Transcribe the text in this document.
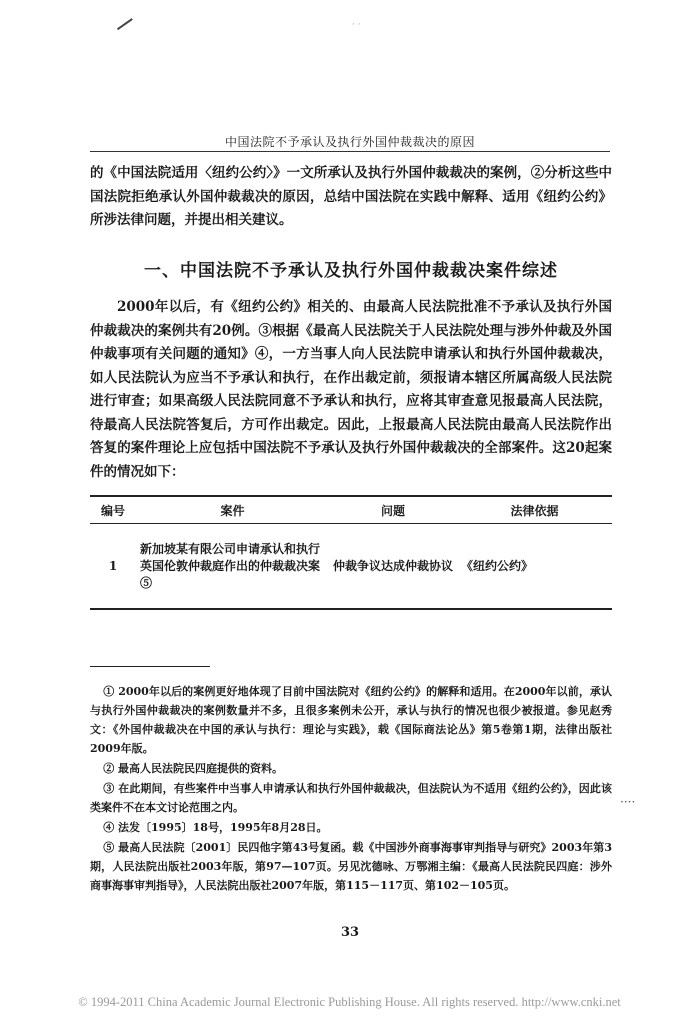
· ·
中国法院不予承认及执行外国仲裁裁决的原因
的《中国法院适用〈纽约公约〉》一文所承认及执行外国仲裁裁决的案例，②分析这些中国法院拒绝承认外国仲裁裁决的原因，总结中国法院在实践中解释、适用《纽约公约》所涉法律问题，并提出相关建议。
一、中国法院不予承认及执行外国仲裁裁决案件综述
2000年以后，有《纽约公约》相关的、由最高人民法院批准不予承认及执行外国仲裁裁决的案例共有20例。③根据《最高人民法院关于人民法院处理与涉外仲裁及外国仲裁事项有关问题的通知》④，一方当事人向人民法院申请承认和执行外国仲裁裁决，如人民法院认为应当不予承认和执行，在作出裁定前，须报请本辖区所属高级人民法院进行审查；如果高级人民法院同意不予承认和执行，应将其审查意见报最高人民法院，待最高人民法院答复后，方可作出裁定。因此，上报最高人民法院由最高人民法院作出答复的案件理论上应包括中国法院不予承认及执行外国仲裁裁决的全部案件。这20起案件的情况如下：
编号	案件	问题	法律依据
1	新加坡某有限公司申请承认和执行英国伦敦仲裁庭作出的仲裁裁决案⑤	仲裁争议达成仲裁协议	《纽约公约》

① 2000年以后的案例更好地体现了目前中国法院对《纽约公约》的解释和适用。在2000年以前，承认与执行外国仲裁裁决的案例数量并不多，且很多案例未公开，承认与执行的情况也很少被报道。参见赵秀文：《外国仲裁裁决在中国的承认与执行：理论与实践》，载《国际商法论丛》第5卷第1期，法律出版社2009年版。

② 最高人民法院民四庭提供的资料。

③ 在此期间，有些案件中当事人申请承认和执行外国仲裁裁决，但法院认为不适用《纽约公约》，因此该类案件不在本文讨论范围之内。

④ 法发〔1995〕18号，1995年8月28日。

⑤ 最高人民法院〔2001〕民四他字第43号复函。载《中国涉外商事海事审判指导与研究》2003年第3期，人民法院出版社2003年版，第97—107页。另见沈德咏、万鄂湘主编：《最高人民法院民四庭：涉外商事海事审判指导》，人民法院出版社2007年版，第115－117页、第102－105页。

····
33
© 1994-2011 China Academic Journal Electronic Publishing House. All rights reserved. http://www.cnki.net
